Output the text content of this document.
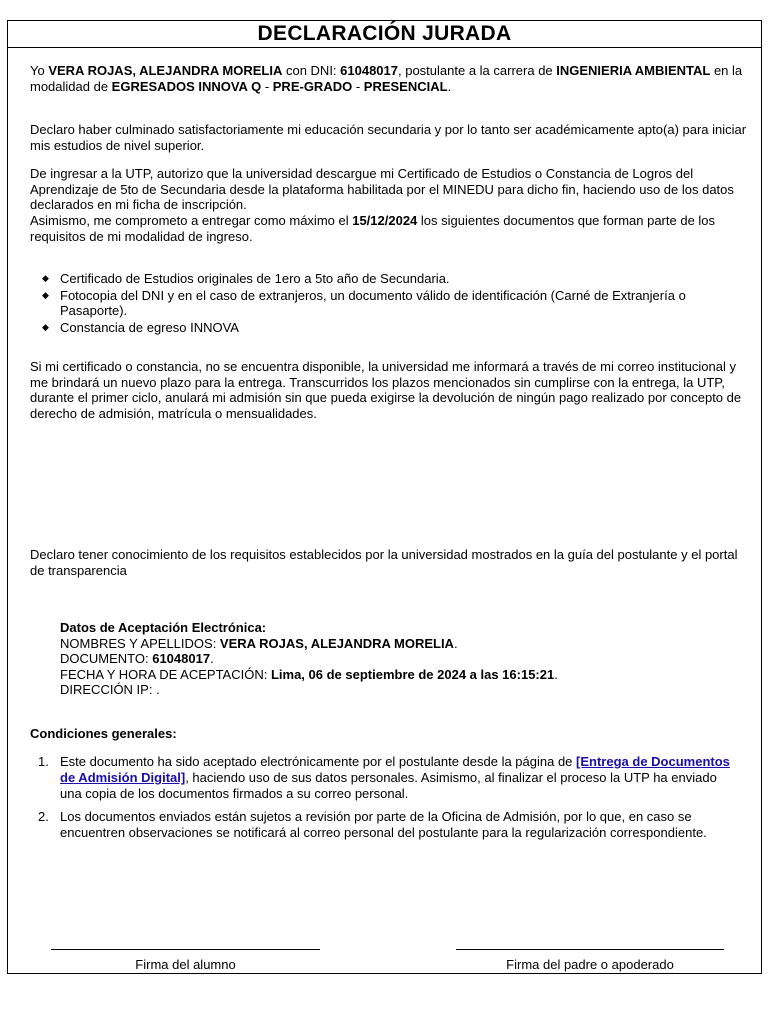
DECLARACIÓN JURADA

Yo VERA ROJAS, ALEJANDRA MORELIA con DNI: 61048017, postulante a la carrera de INGENIERIA AMBIENTAL en la modalidad de EGRESADOS INNOVA Q - PRE-GRADO - PRESENCIAL.

Declaro haber culminado satisfactoriamente mi educación secundaria y por lo tanto ser académicamente apto(a) para iniciar mis estudios de nivel superior.

De ingresar a la UTP, autorizo que la universidad descargue mi Certificado de Estudios o Constancia de Logros del Aprendizaje de 5to de Secundaria desde la plataforma habilitada por el MINEDU para dicho fin, haciendo uso de los datos declarados en mi ficha de inscripción.

Asimismo, me comprometo a entregar como máximo el 15/12/2024 los siguientes documentos que forman parte de los requisitos de mi modalidad de ingreso.

◆ Certificado de Estudios originales de 1ero a 5to año de Secundaria.
◆ Fotocopia del DNI y en el caso de extranjeros, un documento válido de identificación (Carné de Extranjería o Pasaporte).
◆ Constancia de egreso INNOVA

Si mi certificado o constancia, no se encuentra disponible, la universidad me informará a través de mi correo institucional y me brindará un nuevo plazo para la entrega. Transcurridos los plazos mencionados sin cumplirse con la entrega, la UTP, durante el primer ciclo, anulará mi admisión sin que pueda exigirse la devolución de ningún pago realizado por concepto de derecho de admisión, matrícula o mensualidades.

Declaro tener conocimiento de los requisitos establecidos por la universidad mostrados en la guía del postulante y el portal de transparencia

Datos de Aceptación Electrónica:
NOMBRES Y APELLIDOS: VERA ROJAS, ALEJANDRA MORELIA.
DOCUMENTO: 61048017.
FECHA Y HORA DE ACEPTACIÓN: Lima, 06 de septiembre de 2024 a las 16:15:21.
DIRECCIÓN IP: .
Condiciones generales:
1. Este documento ha sido aceptado electrónicamente por el postulante desde la página de [Entrega de Documentos de Admisión Digital], haciendo uso de sus datos personales. Asimismo, al finalizar el proceso la UTP ha enviado una copia de los documentos firmados a su correo personal.
2. Los documentos enviados están sujetos a revisión por parte de la Oficina de Admisión, por lo que, en caso se encuentren observaciones se notificará al correo personal del postulante para la regularización correspondiente.
Firma del alumno	Firma del padre o apoderado
